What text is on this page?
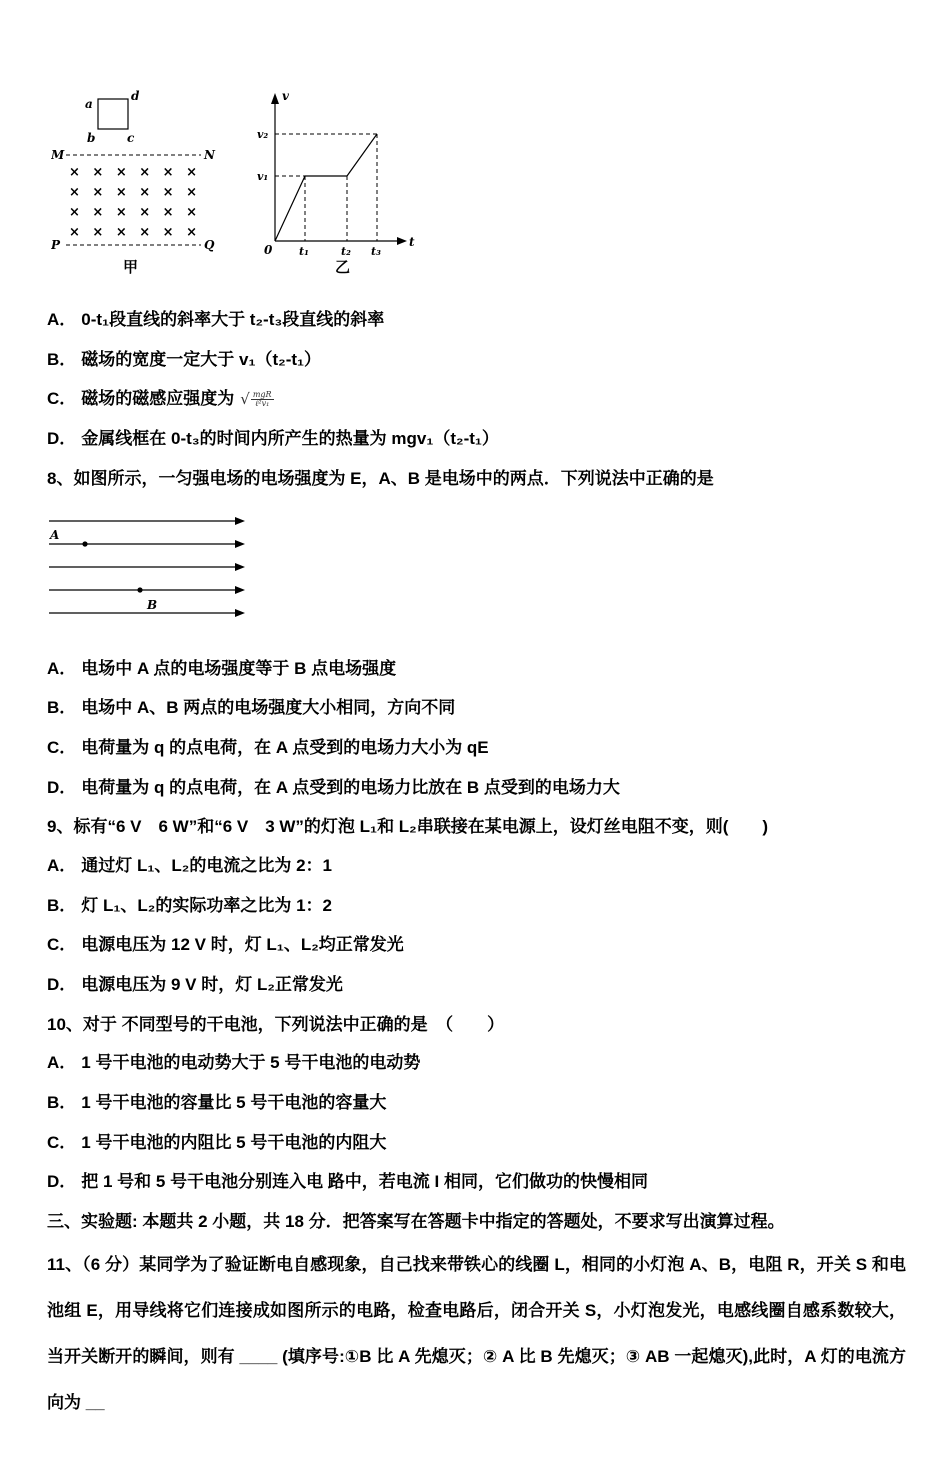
a
d
b	c
M	N
× × × × × ×
× × × × × ×
× × × × × ×
× × × × × ×
P	Q
甲
v
t
0
v₂
v₁
t₁	t₂ t₃
乙
A． 0-t₁段直线的斜率大于 t₂-t₃段直线的斜率
B． 磁场的宽度一定大于 v₁（t₂-t₁）
C． 磁场的磁感应强度为 √ $\frac{\text{mgR}}{\text{ℓ²v₁}}$
D． 金属线框在 0-t₃的时间内所产生的热量为 mgv₁（t₂-t₁）
8、如图所示，一匀强电场的电场强度为 E，A、B 是电场中的两点．下列说法中正确的是
A
B
A． 电场中 A 点的电场强度等于 B 点电场强度
B． 电场中 A、B 两点的电场强度大小相同，方向不同
C． 电荷量为 q 的点电荷，在 A 点受到的电场力大小为 qE
D． 电荷量为 q 的点电荷，在 A 点受到的电场力比放在 B 点受到的电场力大
9、标有“6 V　6 W”和“6 V　3 W”的灯泡 L₁和 L₂串联接在某电源上，设灯丝电阻不变，则(　　)
A． 通过灯 L₁、L₂的电流之比为 2：1
B． 灯 L₁、L₂的实际功率之比为 1：2
C． 电源电压为 12 V 时，灯 L₁、L₂均正常发光
D． 电源电压为 9 V 时，灯 L₂正常发光
10、对于 不同型号的干电池，下列说法中正确的是　（　　）
A． 1 号干电池的电动势大于 5 号干电池的电动势
B． 1 号干电池的容量比 5 号干电池的容量大
C． 1 号干电池的内阻比 5 号干电池的内阻大
D． 把 1 号和 5 号干电池分别连入电 路中，若电流 I 相同，它们做功的快慢相同
三、实验题: 本题共 2 小题，共 18 分．把答案写在答题卡中指定的答题处，不要求写出演算过程。
11、（6 分）某同学为了验证断电自感现象，自己找来带铁心的线圈 L，相同的小灯泡 A、B，电阻 R，开关 S 和电池组 E，用导线将它们连接成如图所示的电路，检查电路后，闭合开关 S，小灯泡发光，电感线圈自感系数较大，当开关断开的瞬间，则有 ____ (填序号:①B 比 A 先熄灭；② A 比 B 先熄灭；③ AB 一起熄灭),此时，A 灯的电流方向为 __
